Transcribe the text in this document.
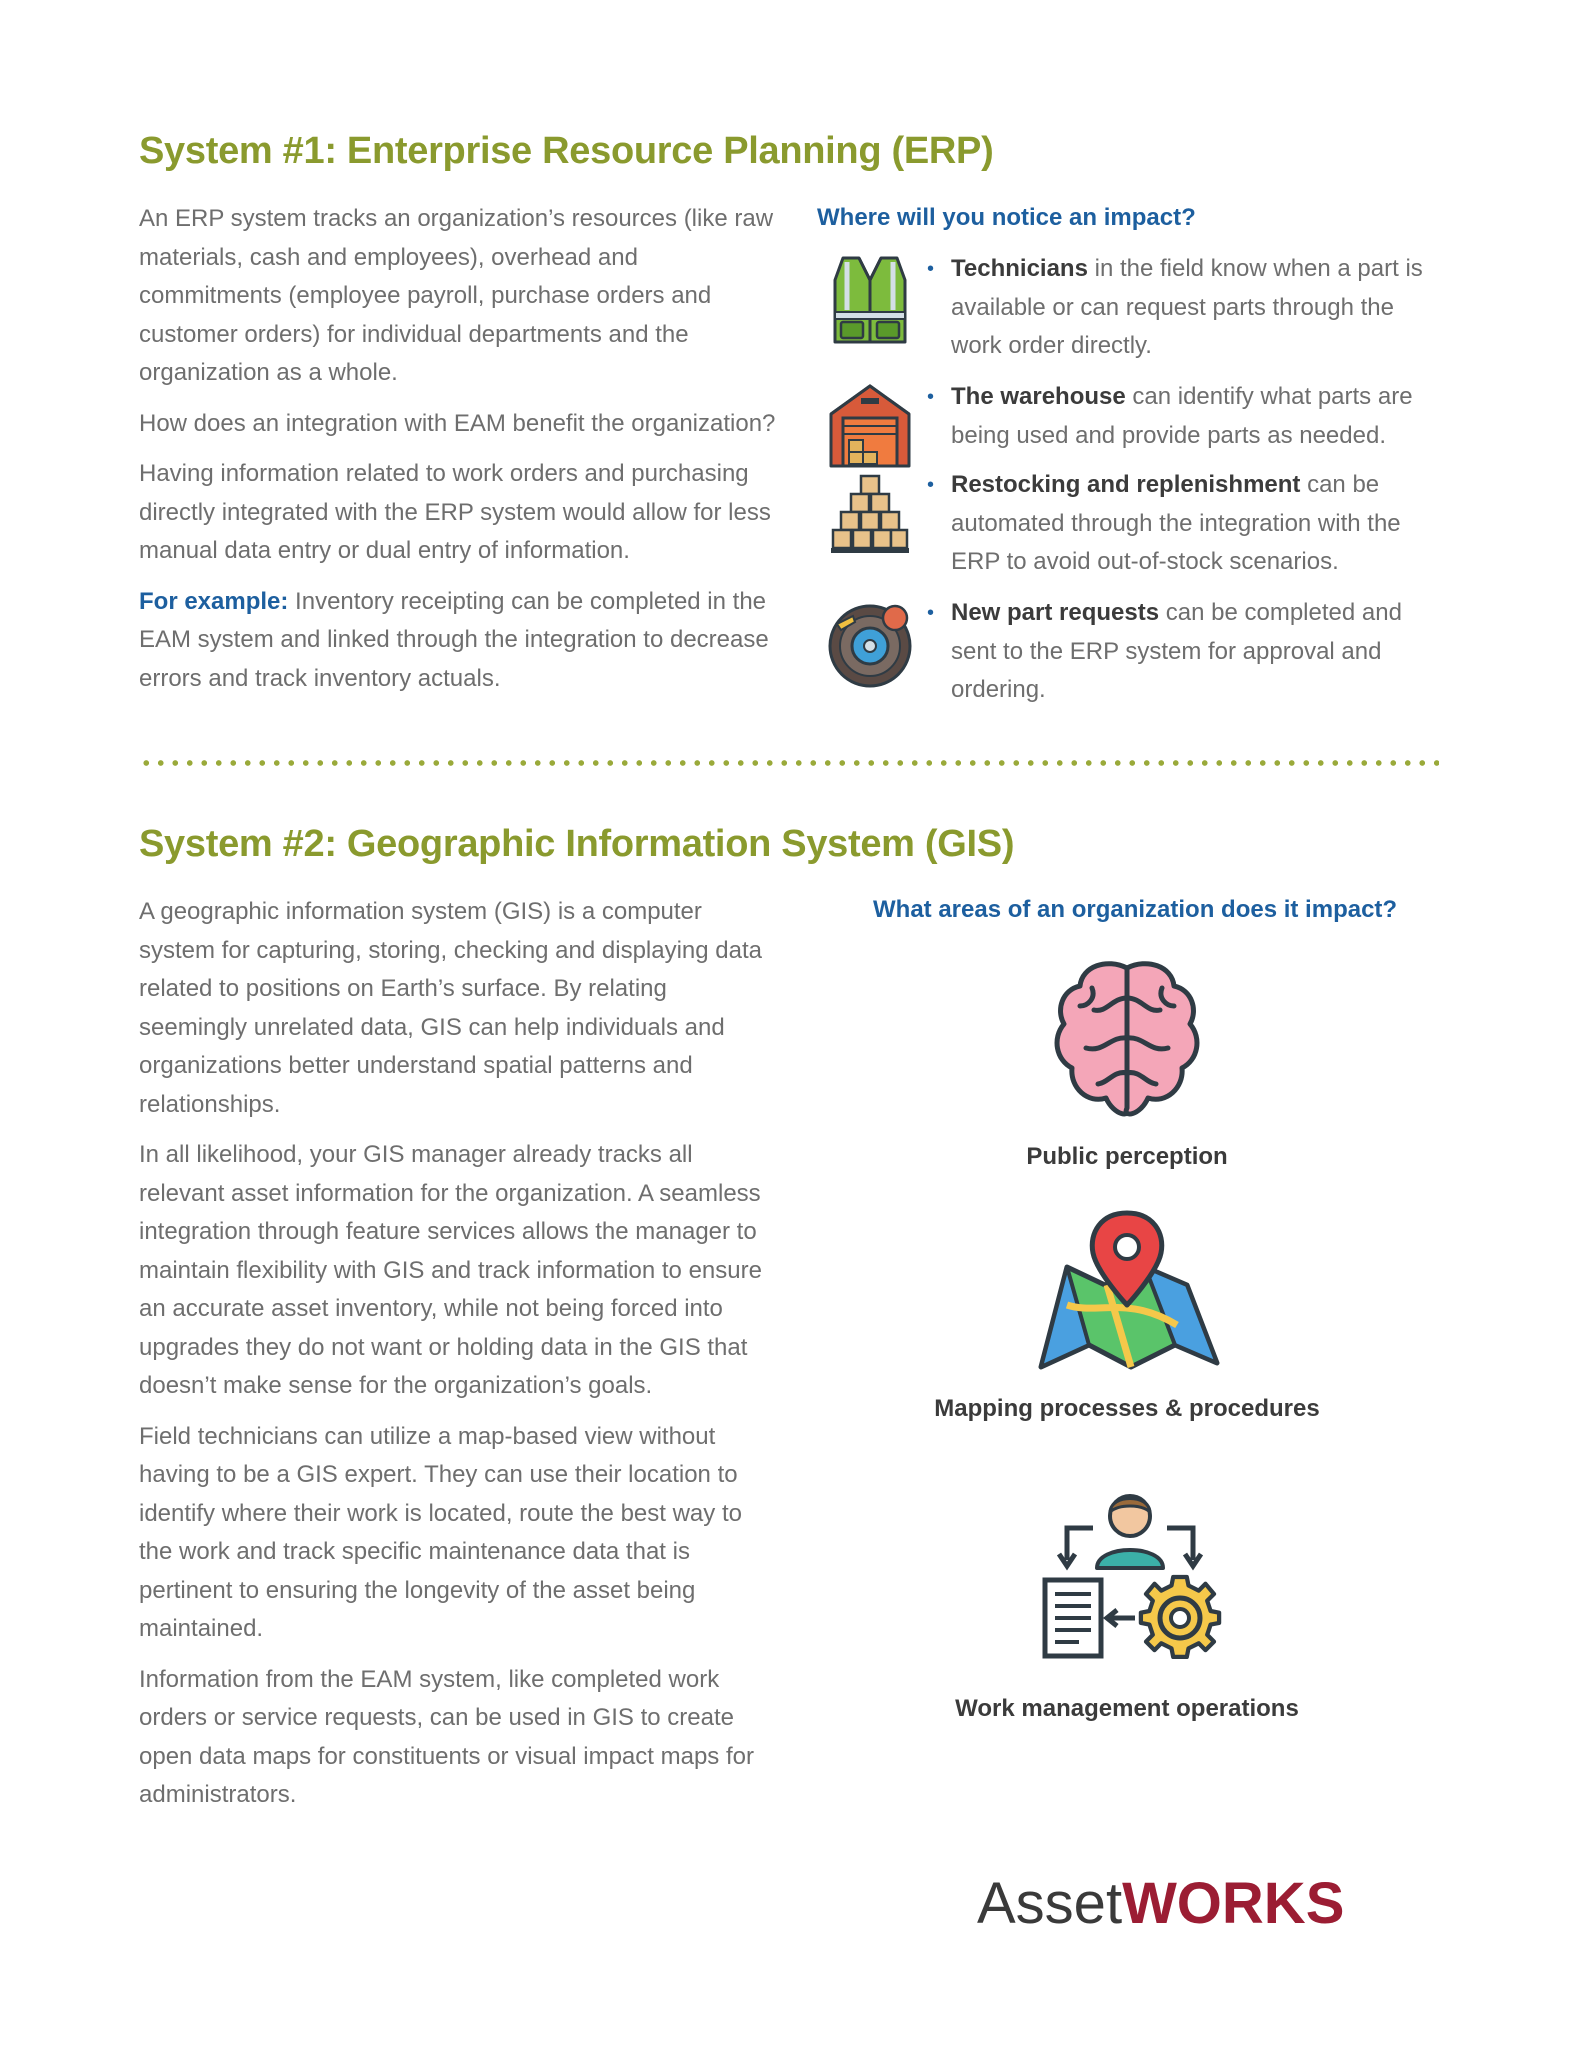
System #1: Enterprise Resource Planning (ERP)

An ERP system tracks an organization’s resources (like raw materials, cash and employees), overhead and commitments (employee payroll, purchase orders and customer orders) for individual departments and the organization as a whole.

How does an integration with EAM benefit the organization?

Having information related to work orders and purchasing directly integrated with the ERP system would allow for less manual data entry or dual entry of information.

For example: Inventory receipting can be completed in the EAM system and linked through the integration to decrease errors and track inventory actuals.

Where will you notice an impact?
• Technicians in the field know when a part is available or can request parts through the work order directly.
• The warehouse can identify what parts are being used and provide parts as needed.
• Restocking and replenishment can be automated through the integration with the ERP to avoid out-of-stock scenarios.
• New part requests can be completed and sent to the ERP system for approval and ordering.
System #2: Geographic Information System (GIS)

A geographic information system (GIS) is a computer system for capturing, storing, checking and displaying data related to positions on Earth’s surface. By relating seemingly unrelated data, GIS can help individuals and organizations better understand spatial patterns and relationships.

In all likelihood, your GIS manager already tracks all relevant asset information for the organization. A seamless integration through feature services allows the manager to maintain flexibility with GIS and track information to ensure an accurate asset inventory, while not being forced into upgrades they do not want or holding data in the GIS that doesn’t make sense for the organization’s goals.

Field technicians can utilize a map-based view without having to be a GIS expert. They can use their location to identify where their work is located, route the best way to the work and track specific maintenance data that is pertinent to ensuring the longevity of the asset being maintained.

Information from the EAM system, like completed work orders or service requests, can be used in GIS to create open data maps for constituents or visual impact maps for administrators.

What areas of an organization does it impact?

Public perception

Mapping processes & procedures

Work management operations

Asset WORKS
